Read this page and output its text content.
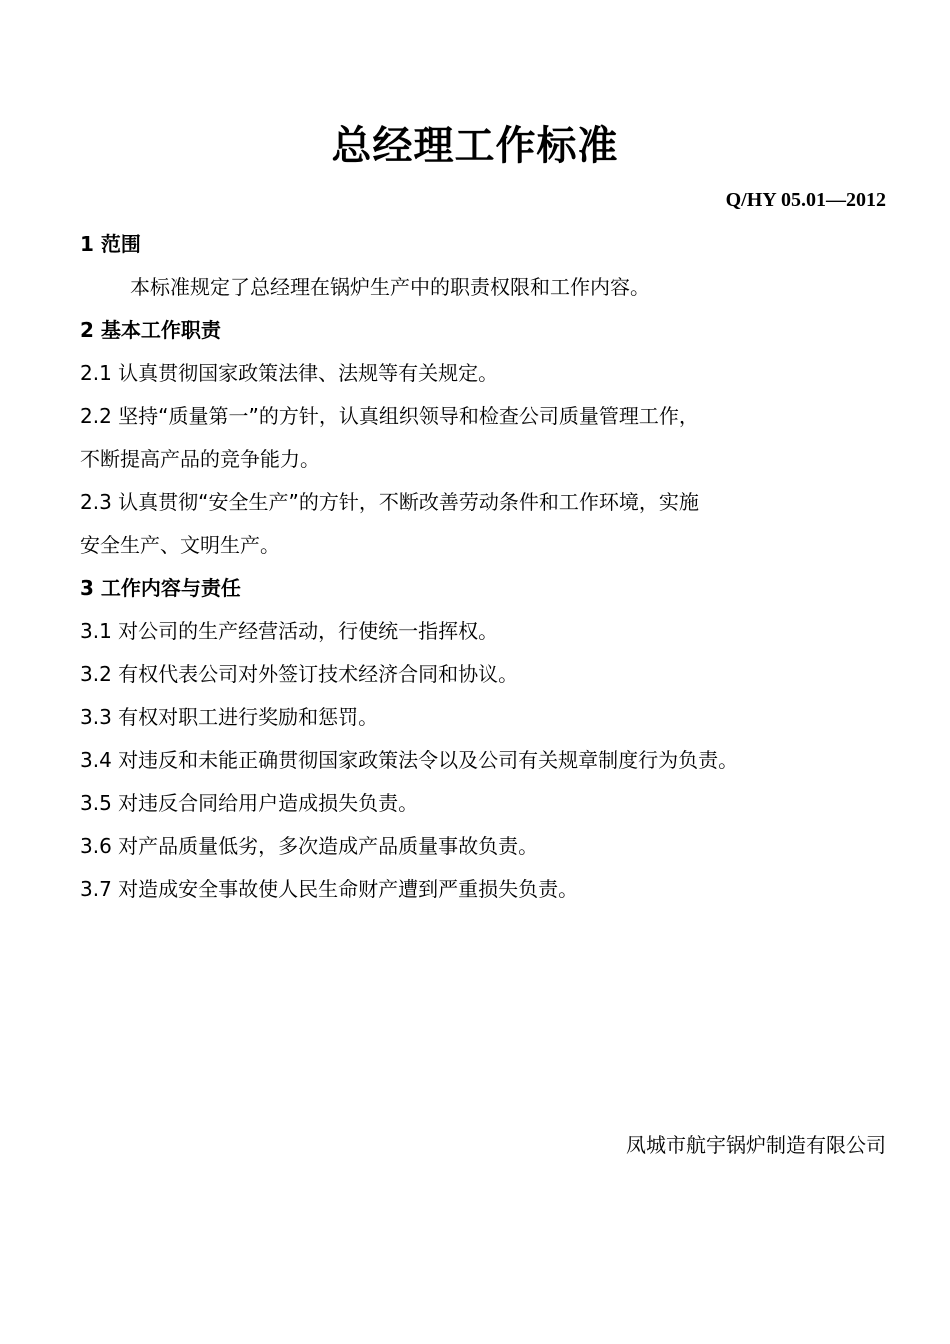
总经理工作标准
Q/HY 05.01—2012
1 范围
本标准规定了总经理在锅炉生产中的职责权限和工作内容。
2 基本工作职责
2.1 认真贯彻国家政策法律、法规等有关规定。
2.2 坚持“质量第一”的方针，认真组织领导和检查公司质量管理工作，
不断提高产品的竞争能力。
2.3 认真贯彻“安全生产”的方针，不断改善劳动条件和工作环境，实施
安全生产、文明生产。
3 工作内容与责任
3.1 对公司的生产经营活动，行使统一指挥权。
3.2 有权代表公司对外签订技术经济合同和协议。
3.3 有权对职工进行奖励和惩罚。
3.4 对违反和未能正确贯彻国家政策法令以及公司有关规章制度行为负责。
3.5 对违反合同给用户造成损失负责。
3.6 对产品质量低劣，多次造成产品质量事故负责。
3.7 对造成安全事故使人民生命财产遭到严重损失负责。
凤城市航宇锅炉制造有限公司
